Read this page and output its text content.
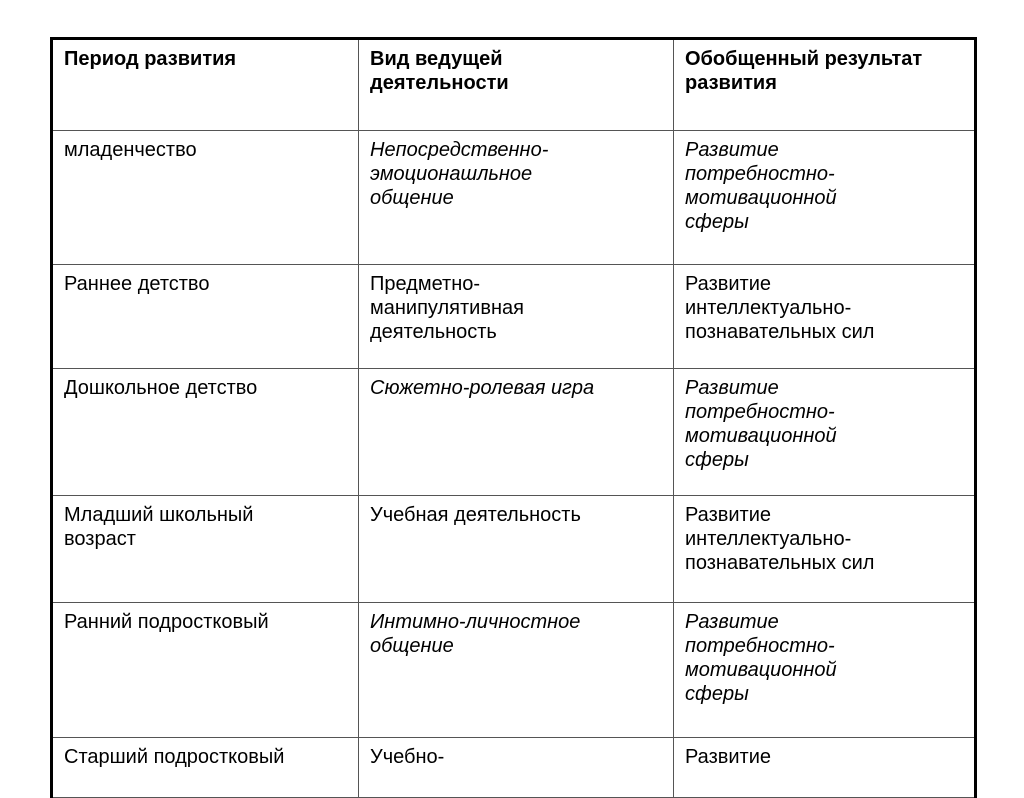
Период развития	Вид ведущей деятельности	Обобщенный результат развития
младенчество	Непосредственно-эмоционашльное общение	Развитие потребностно-мотивационной сферы
Раннее детство	Предметно-манипулятивная деятельность	Развитие интеллектуально-познавательных сил
Дошкольное детство	Сюжетно-ролевая игра	Развитие потребностно-мотивационной сферы
Младший школьный возраст	Учебная деятельность	Развитие интеллектуально-познавательных сил
Ранний подростковый	Интимно-личностное общение	Развитие потребностно-мотивационной сферы
Старший подростковый	Учебно-	Развитие
